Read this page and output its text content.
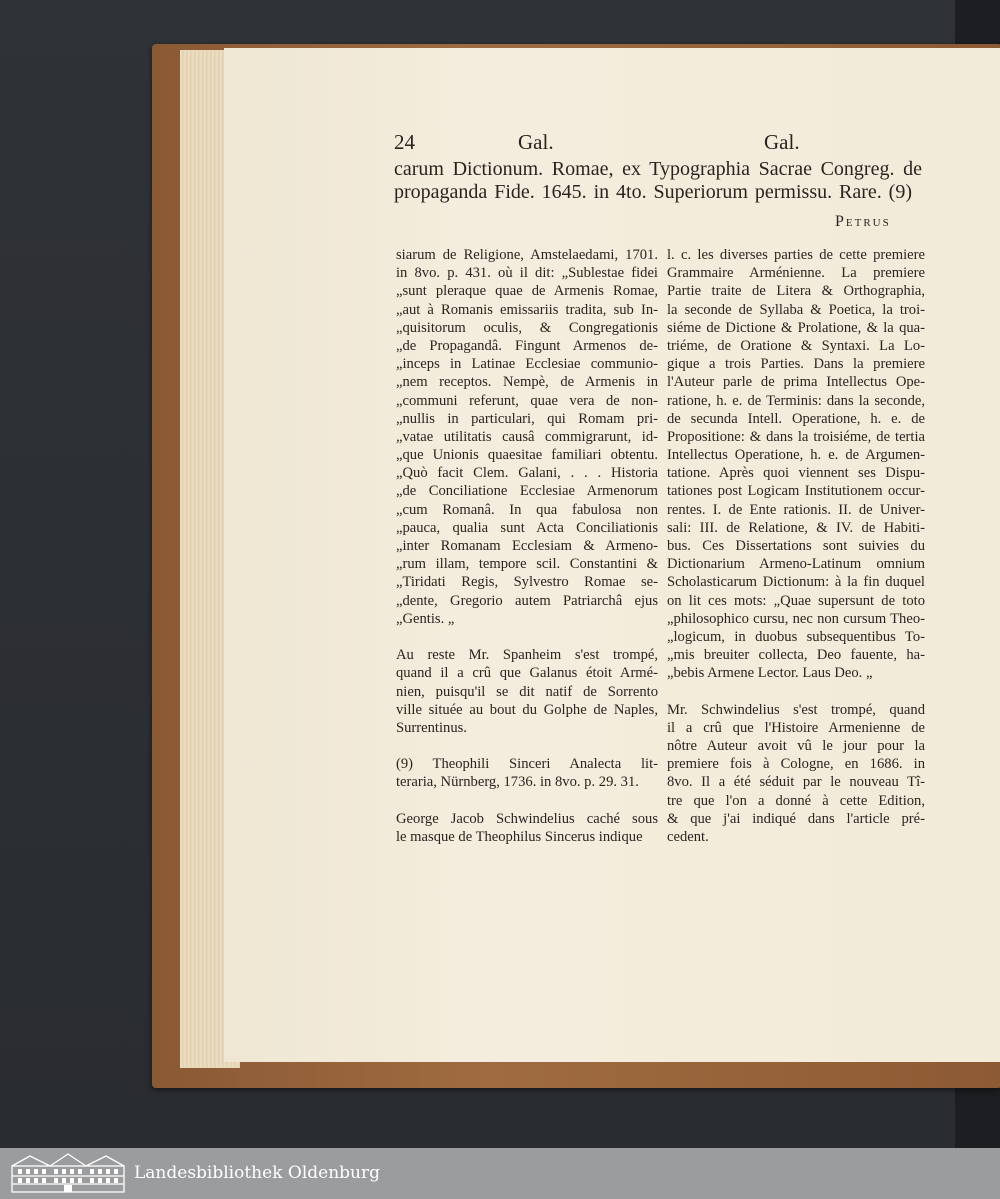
24	Gal.	Gal.
carum Dictionum. Romae, ex Typographia Sacrae Congreg. de
propaganda Fide. 1645. in 4to. Superiorum permissu. Rare. (9)
Petrus
siarum de Religione, Amstelaedami, 1701.
in 8vo. p. 431. où il dit: „Sublestae fidei
„sunt pleraque quae de Armenis Romae,
„aut à Romanis emissariis tradita, sub In-
„quisitorum oculis, & Congregationis
„de Propagandâ. Fingunt Armenos de-
„inceps in Latinae Ecclesiae communio-
„nem receptos. Nempè, de Armenis in
„communi referunt, quae vera de non-
„nullis in particulari, qui Romam pri-
„vatae utilitatis causâ commigrarunt, id-
„que Unionis quaesitae familiari obtentu.
„Quò facit Clem. Galani, . . . Historia
„de Conciliatione Ecclesiae Armenorum
„cum Romanâ. In qua fabulosa non
„pauca, qualia sunt Acta Conciliationis
„inter Romanam Ecclesiam & Armeno-
„rum illam, tempore scil. Constantini &
„Tiridati Regis, Sylvestro Romae se-
„dente, Gregorio autem Patriarchâ ejus
„Gentis. „
Au reste Mr. Spanheim s'est trompé,
quand il a crû que Galanus étoit Armé-
nien, puisqu'il se dit natif de Sorrento
ville située au bout du Golphe de Naples,
Surrentinus.
(9) Theophili Sinceri Analecta lit-
teraria, Nürnberg, 1736. in 8vo. p. 29. 31.
George Jacob Schwindelius caché sous
le masque de Theophilus Sincerus indique
l. c. les diverses parties de cette premiere
Grammaire Arménienne. La premiere
Partie traite de Litera & Orthographia,
la seconde de Syllaba & Poetica, la troi-
siéme de Dictione & Prolatione, & la qua-
triéme, de Oratione & Syntaxi. La Lo-
gique a trois Parties. Dans la premiere
l'Auteur parle de prima Intellectus Ope-
ratione, h. e. de Terminis: dans la seconde,
de secunda Intell. Operatione, h. e. de
Propositione: & dans la troisiéme, de tertia
Intellectus Operatione, h. e. de Argumen-
tatione. Après quoi viennent ses Dispu-
tationes post Logicam Institutionem occur-
rentes. I. de Ente rationis. II. de Univer-
sali: III. de Relatione, & IV. de Habiti-
bus. Ces Dissertations sont suivies du
Dictionarium Armeno-Latinum omnium
Scholasticarum Dictionum: à la fin duquel
on lit ces mots: „Quae supersunt de toto
„philosophico cursu, nec non cursum Theo-
„logicum, in duobus subsequentibus To-
„mis breuiter collecta, Deo fauente, ha-
„bebis Armene Lector. Laus Deo. „
Mr. Schwindelius s'est trompé, quand
il a crû que l'Histoire Armenienne de
nôtre Auteur avoit vû le jour pour la
premiere fois à Cologne, en 1686. in
8vo. Il a été séduit par le nouveau Tî-
tre que l'on a donné à cette Edition,
& que j'ai indiqué dans l'article pré-
cedent.
Landesbibliothek Oldenburg
